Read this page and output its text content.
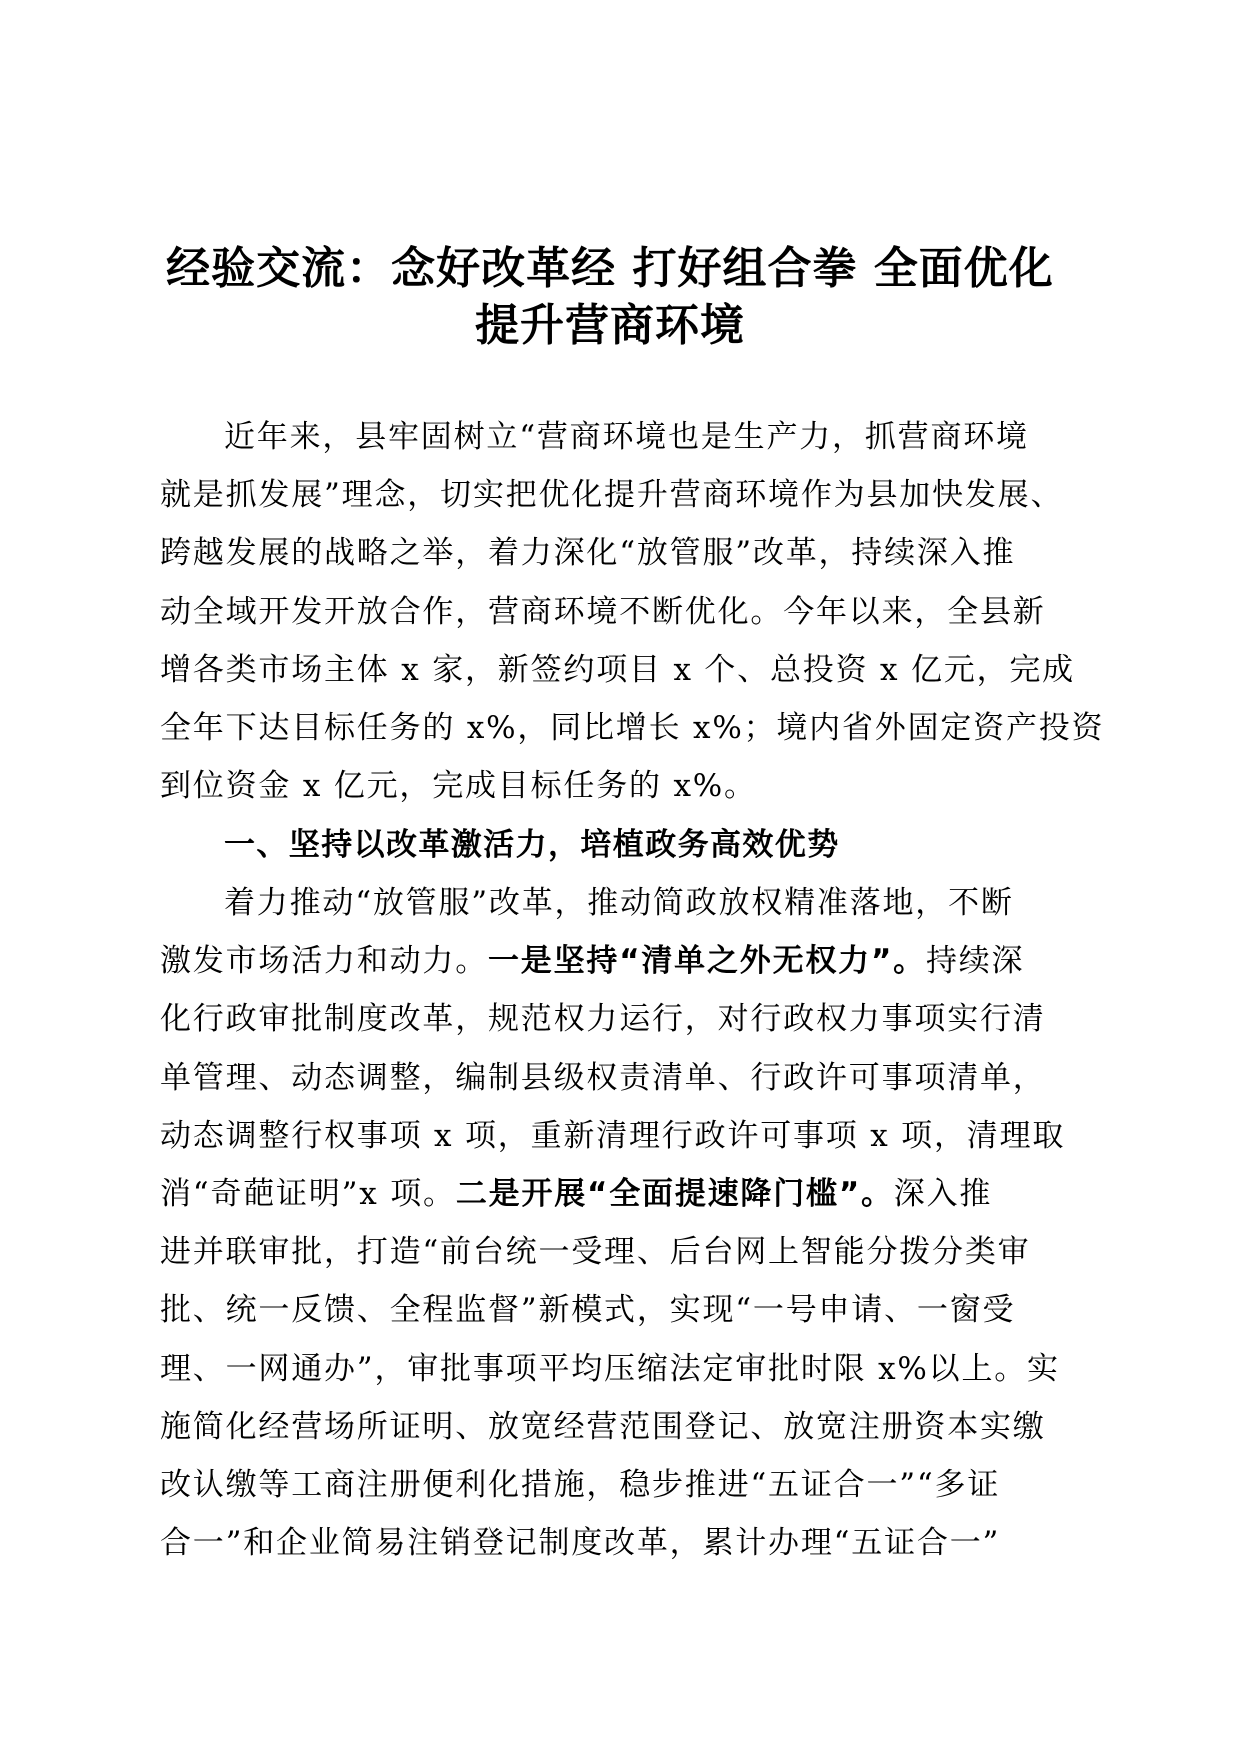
经验交流：念好改革经 打好组合拳 全面优化
提升营商环境

近年来，县牢固树立“营商环境也是生产力，抓营商环境
就是抓发展”理念，切实把优化提升营商环境作为县加快发展、
跨越发展的战略之举，着力深化“放管服”改革，持续深入推
动全域开发开放合作，营商环境不断优化。今年以来，全县新
增各类市场主体 x 家，新签约项目 x 个、总投资 x 亿元，完成
全年下达目标任务的 x%，同比增长 x%；境内省外固定资产投资
到位资金 x 亿元，完成目标任务的 x%。

一、坚持以改革激活力，培植政务高效优势

着力推动“放管服”改革，推动简政放权精准落地，不断
激发市场活力和动力。一是坚持“清单之外无权力”。持续深
化行政审批制度改革，规范权力运行，对行政权力事项实行清
单管理、动态调整，编制县级权责清单、行政许可事项清单，
动态调整行权事项 x 项，重新清理行政许可事项 x 项，清理取
消“奇葩证明”x 项。二是开展“全面提速降门槛”。深入推
进并联审批，打造“前台统一受理、后台网上智能分拨分类审
批、统一反馈、全程监督”新模式，实现“一号申请、一窗受
理、一网通办”，审批事项平均压缩法定审批时限 x%以上。实
施简化经营场所证明、放宽经营范围登记、放宽注册资本实缴
改认缴等工商注册便利化措施，稳步推进“五证合一”“多证
合一”和企业简易注销登记制度改革，累计办理“五证合一”
